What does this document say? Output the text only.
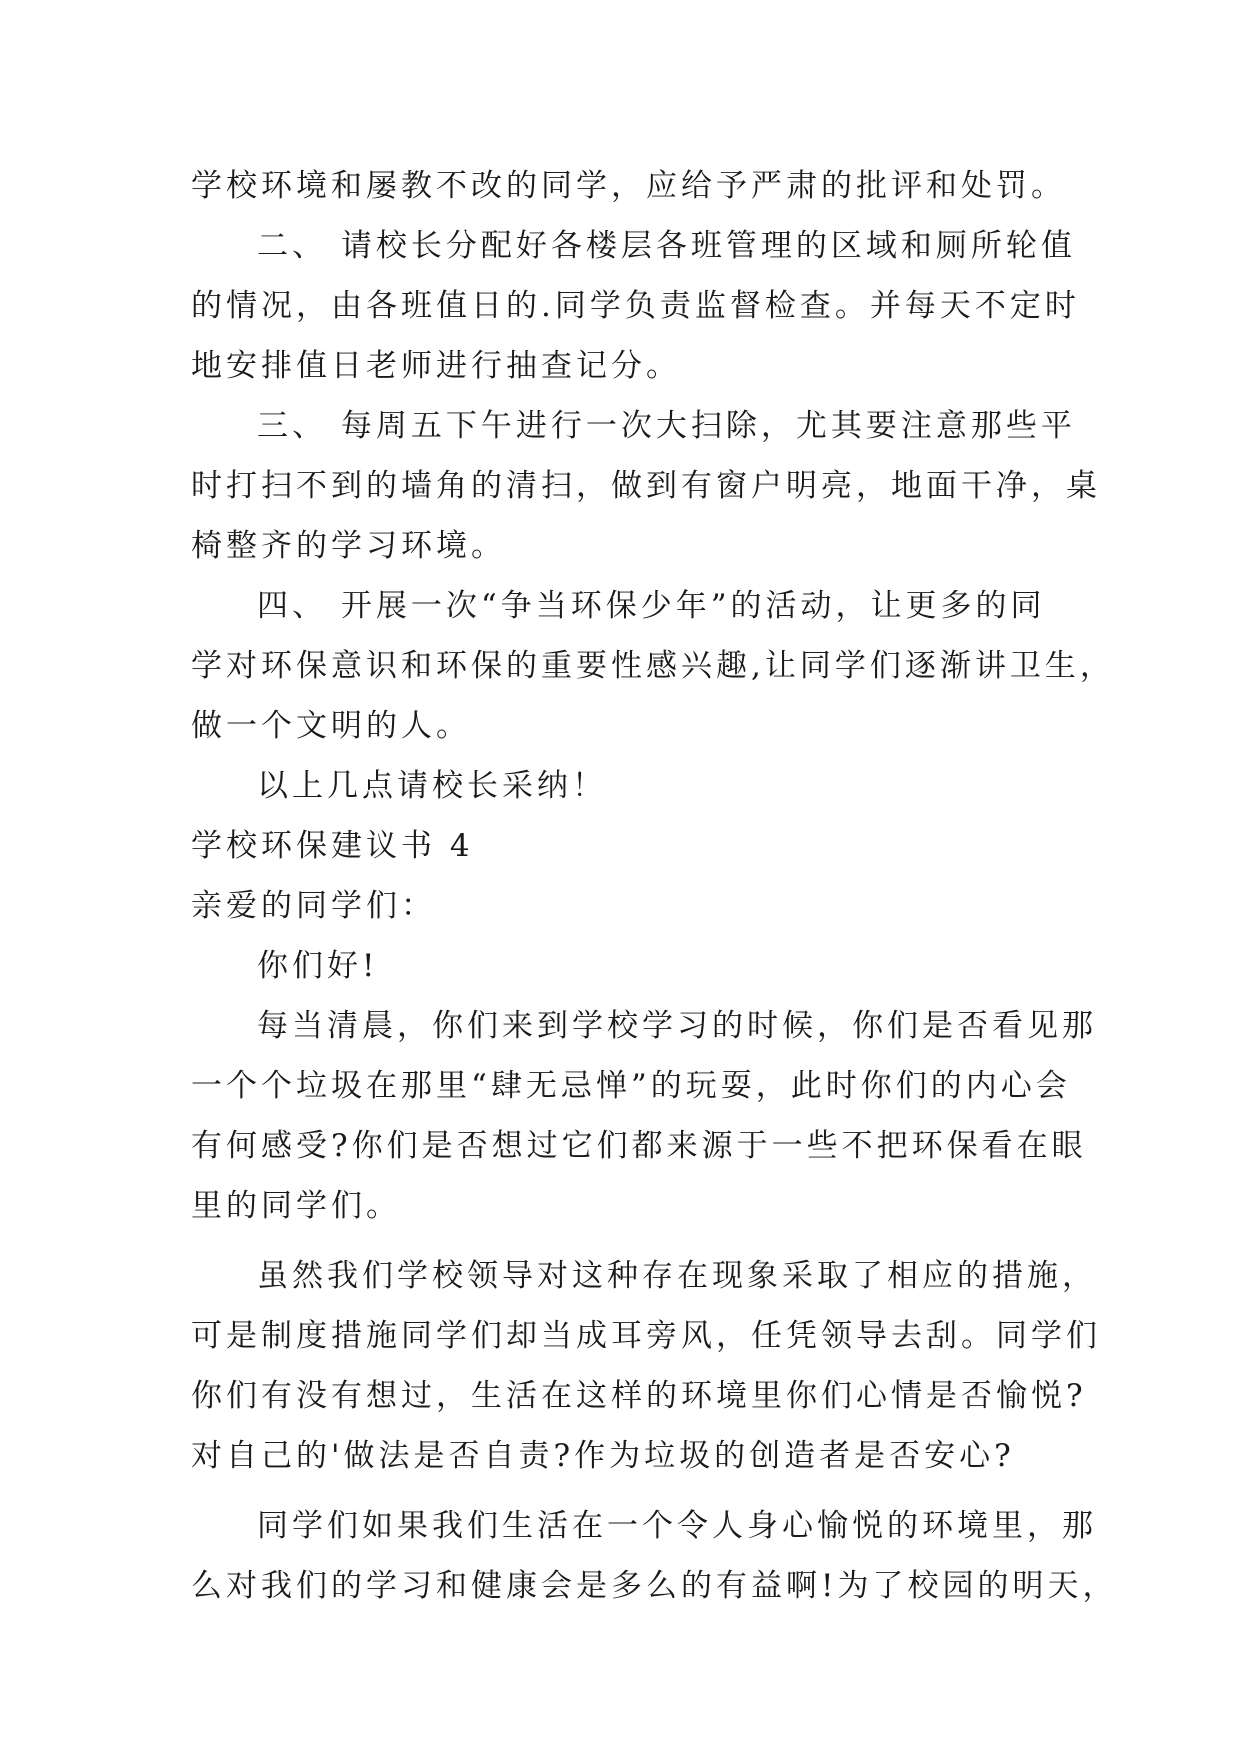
学校环境和屡教不改的同学，应给予严肃的批评和处罚。
二、 请校长分配好各楼层各班管理的区域和厕所轮值
的情况，由各班值日的.同学负责监督检查。并每天不定时
地安排值日老师进行抽查记分。
三、 每周五下午进行一次大扫除，尤其要注意那些平
时打扫不到的墙角的清扫，做到有窗户明亮，地面干净，桌
椅整齐的学习环境。
四、 开展一次“争当环保少年”的活动，让更多的同
学对环保意识和环保的重要性感兴趣,让同学们逐渐讲卫生，
做一个文明的人。
以上几点请校长采纳！
学校环保建议书 4
亲爱的同学们：
你们好!
每当清晨，你们来到学校学习的时候，你们是否看见那
一个个垃圾在那里“肆无忌惮”的玩耍，此时你们的内心会
有何感受?你们是否想过它们都来源于一些不把环保看在眼
里的同学们。
虽然我们学校领导对这种存在现象采取了相应的措施，
可是制度措施同学们却当成耳旁风，任凭领导去刮。同学们
你们有没有想过，生活在这样的环境里你们心情是否愉悦?
对自己的'做法是否自责?作为垃圾的创造者是否安心?
同学们如果我们生活在一个令人身心愉悦的环境里，那
么对我们的学习和健康会是多么的有益啊!为了校园的明天，
